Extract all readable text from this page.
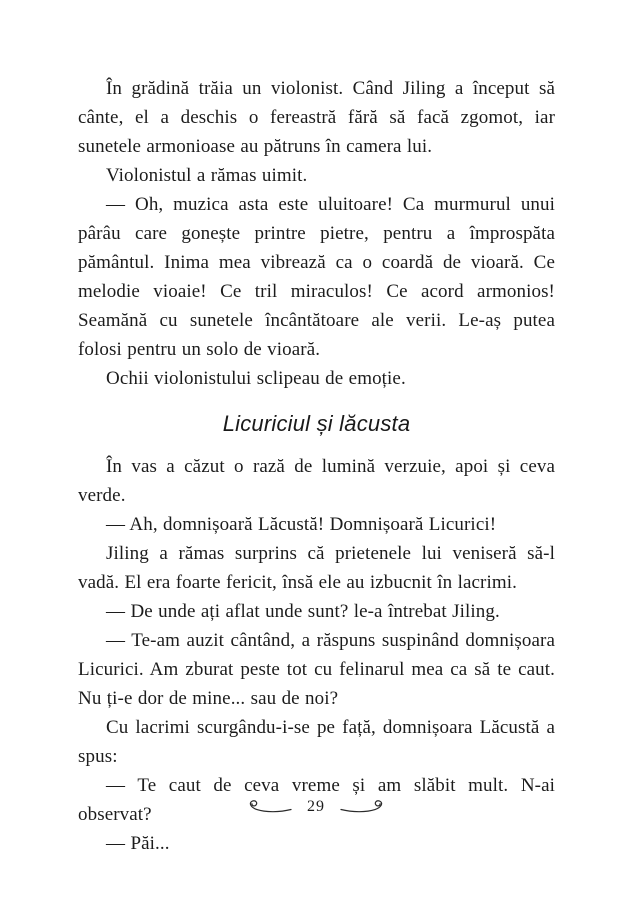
În grădină trăia un violonist. Când Jiling a început să cânte, el a deschis o fereastră fără să facă zgomot, iar sunetele armonioase au pătruns în camera lui.

Violonistul a rămas uimit.

— Oh, muzica asta este uluitoare! Ca murmurul unui pârâu care gonește printre pietre, pentru a împrospăta pământul. Inima mea vibrează ca o coardă de vioară. Ce melodie vioaie! Ce tril miraculos! Ce acord armonios! Seamănă cu sunetele încântătoare ale verii. Le-aș putea folosi pentru un solo de vioară.

Ochii violonistului sclipeau de emoție.

Licuriciul și lăcusta

În vas a căzut o rază de lumină verzuie, apoi și ceva verde.

— Ah, domnișoară Lăcustă! Domnișoară Licurici!

Jiling a rămas surprins că prietenele lui veniseră să-l vadă. El era foarte fericit, însă ele au izbucnit în lacrimi.

— De unde ați aflat unde sunt? le-a întrebat Jiling.

— Te-am auzit cântând, a răspuns suspinând domnișoara Licurici. Am zburat peste tot cu felinarul mea ca să te caut. Nu ți-e dor de mine... sau de noi?

Cu lacrimi scurgându-i-se pe față, domnișoara Lăcustă a spus:

— Te caut de ceva vreme și am slăbit mult. N-ai observat?

— Păi...

29
